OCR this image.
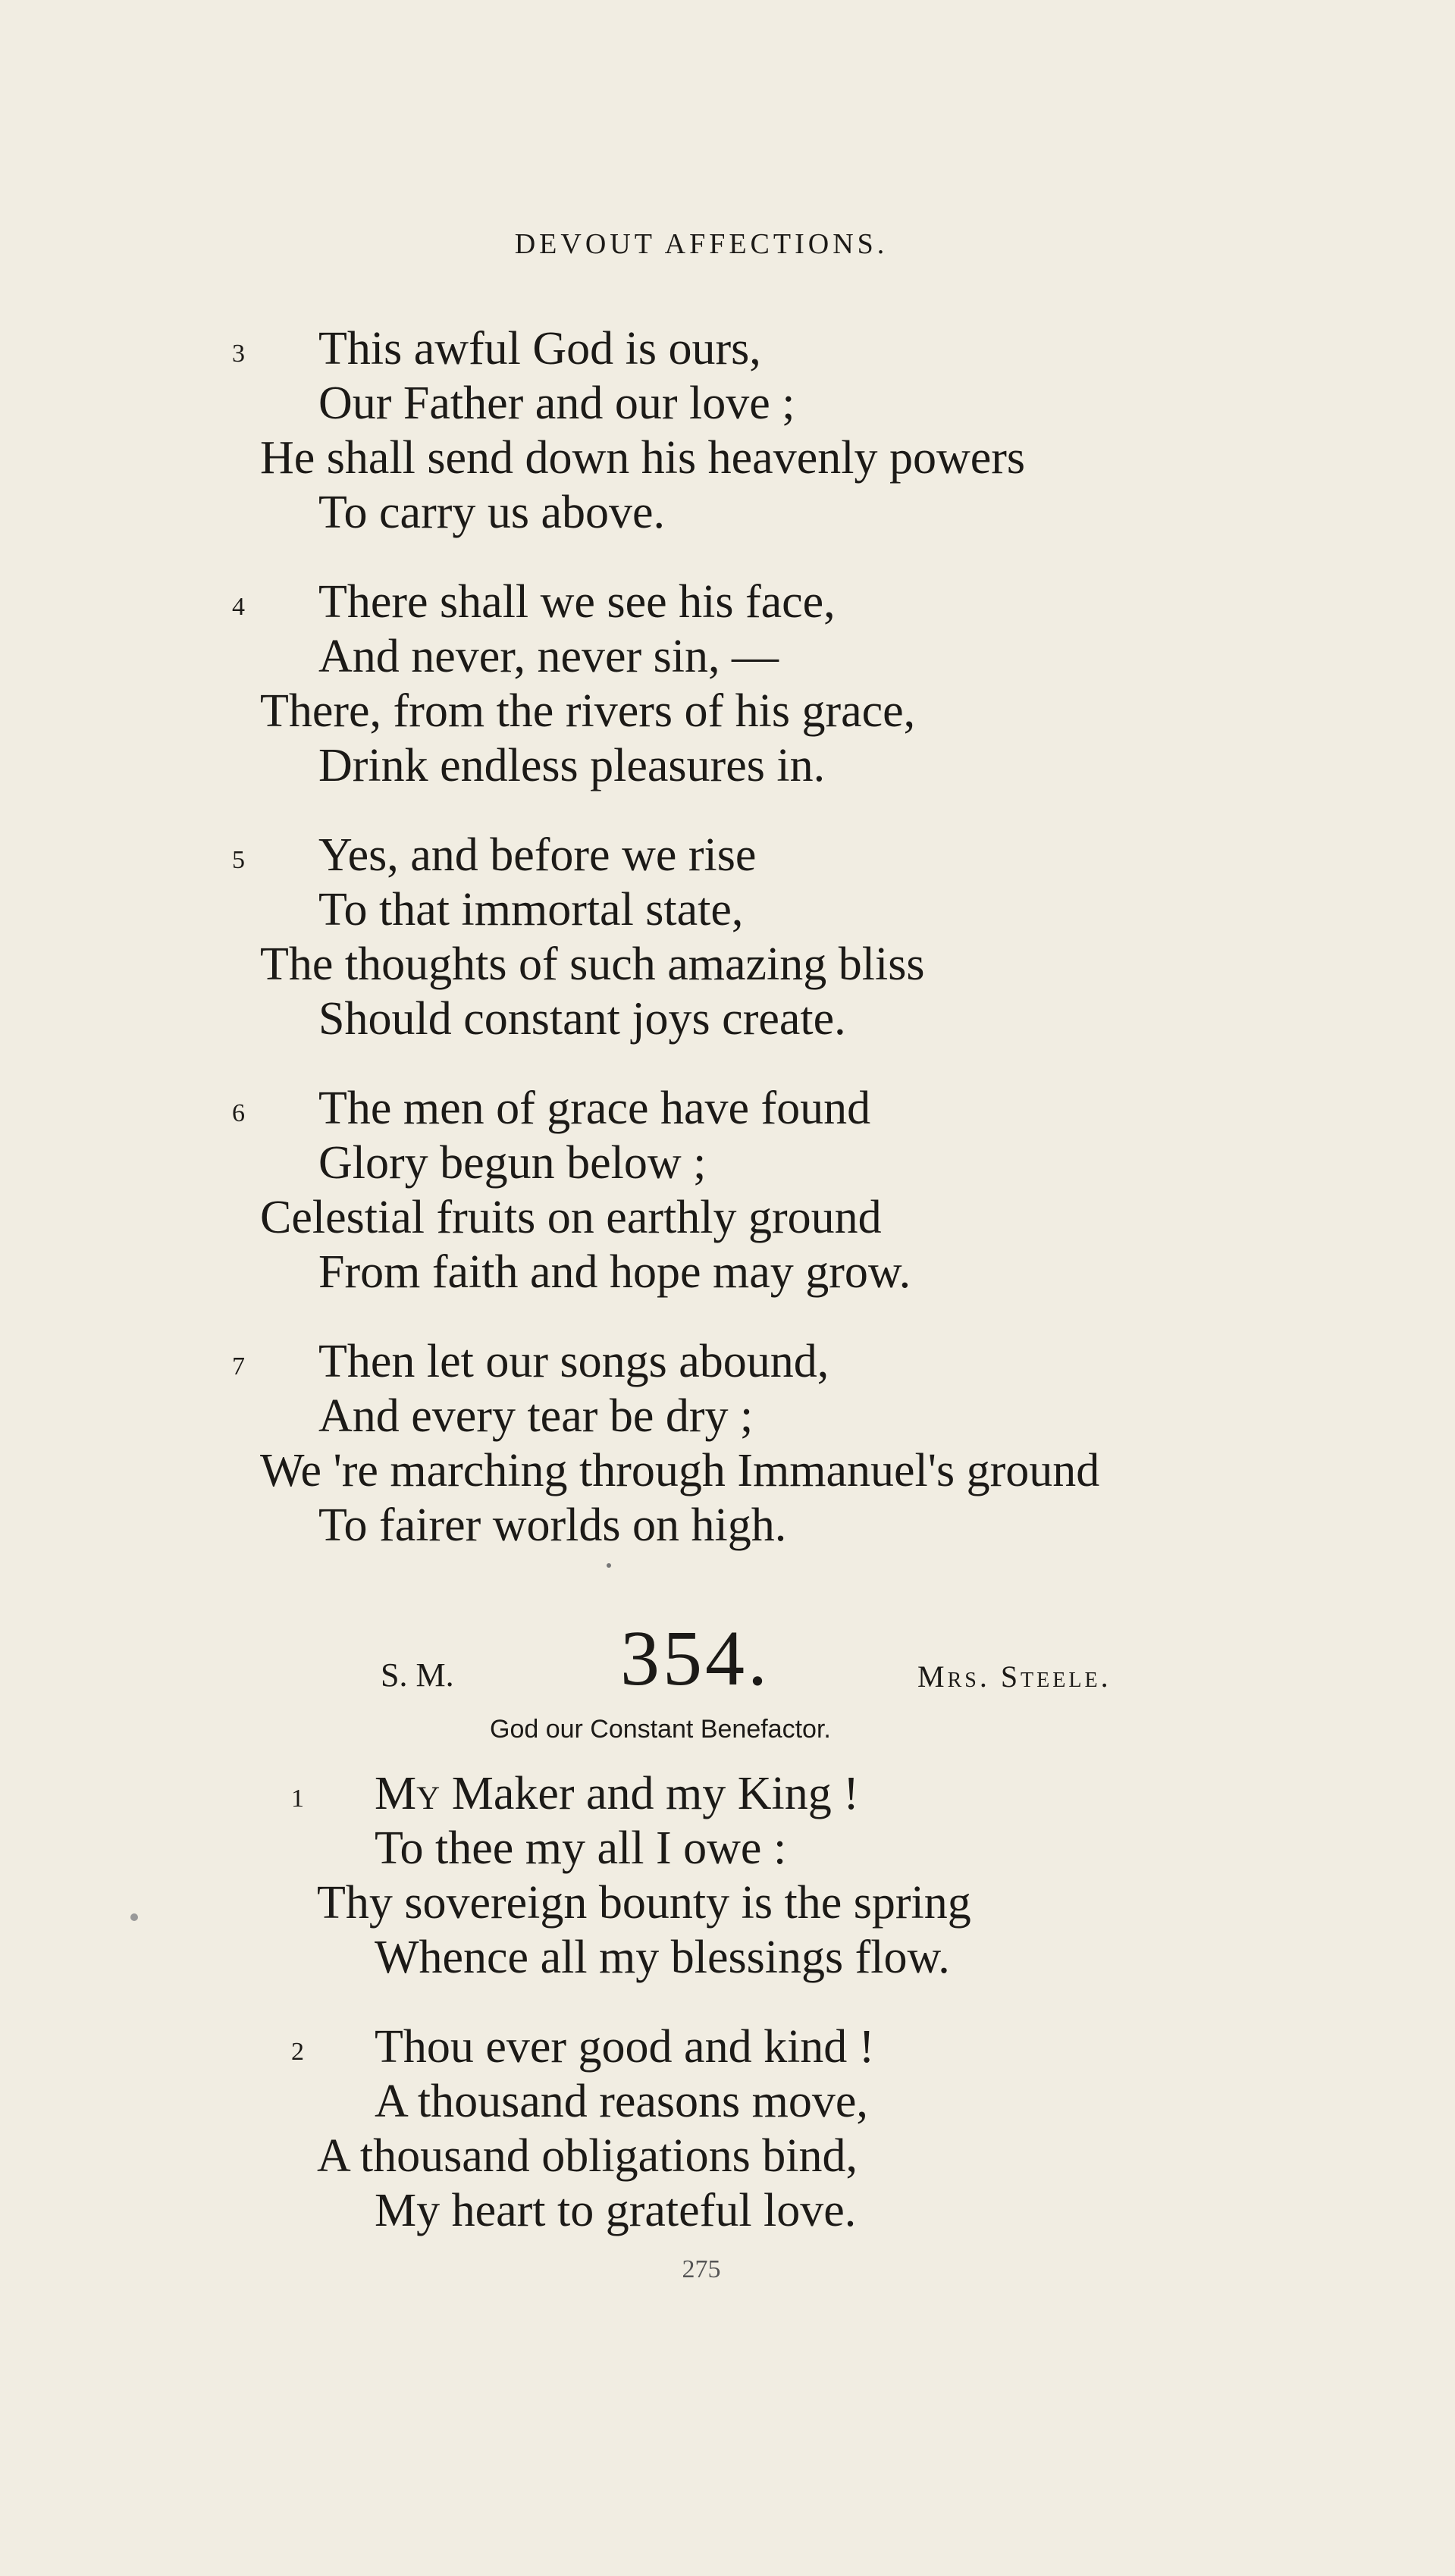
DEVOUT AFFECTIONS.
3 This awful God is ours,
Our Father and our love ;
He shall send down his heavenly powers
To carry us above.
4 There shall we see his face,
And never, never sin, —
There, from the rivers of his grace,
Drink endless pleasures in.
5 Yes, and before we rise
To that immortal state,
The thoughts of such amazing bliss
Should constant joys create.
6 The men of grace have found
Glory begun below ;
Celestial fruits on earthly ground
From faith and hope may grow.
7 Then let our songs abound,
And every tear be dry ;
We 're marching through Immanuel's ground
To fairer worlds on high.
S. M. 354.	Mrs. Steele.
God our Constant Benefactor.
1 My Maker and my King !
To thee my all I owe :
Thy sovereign bounty is the spring
Whence all my blessings flow.
2 Thou ever good and kind !
A thousand reasons move,
A thousand obligations bind,
My heart to grateful love.
275
